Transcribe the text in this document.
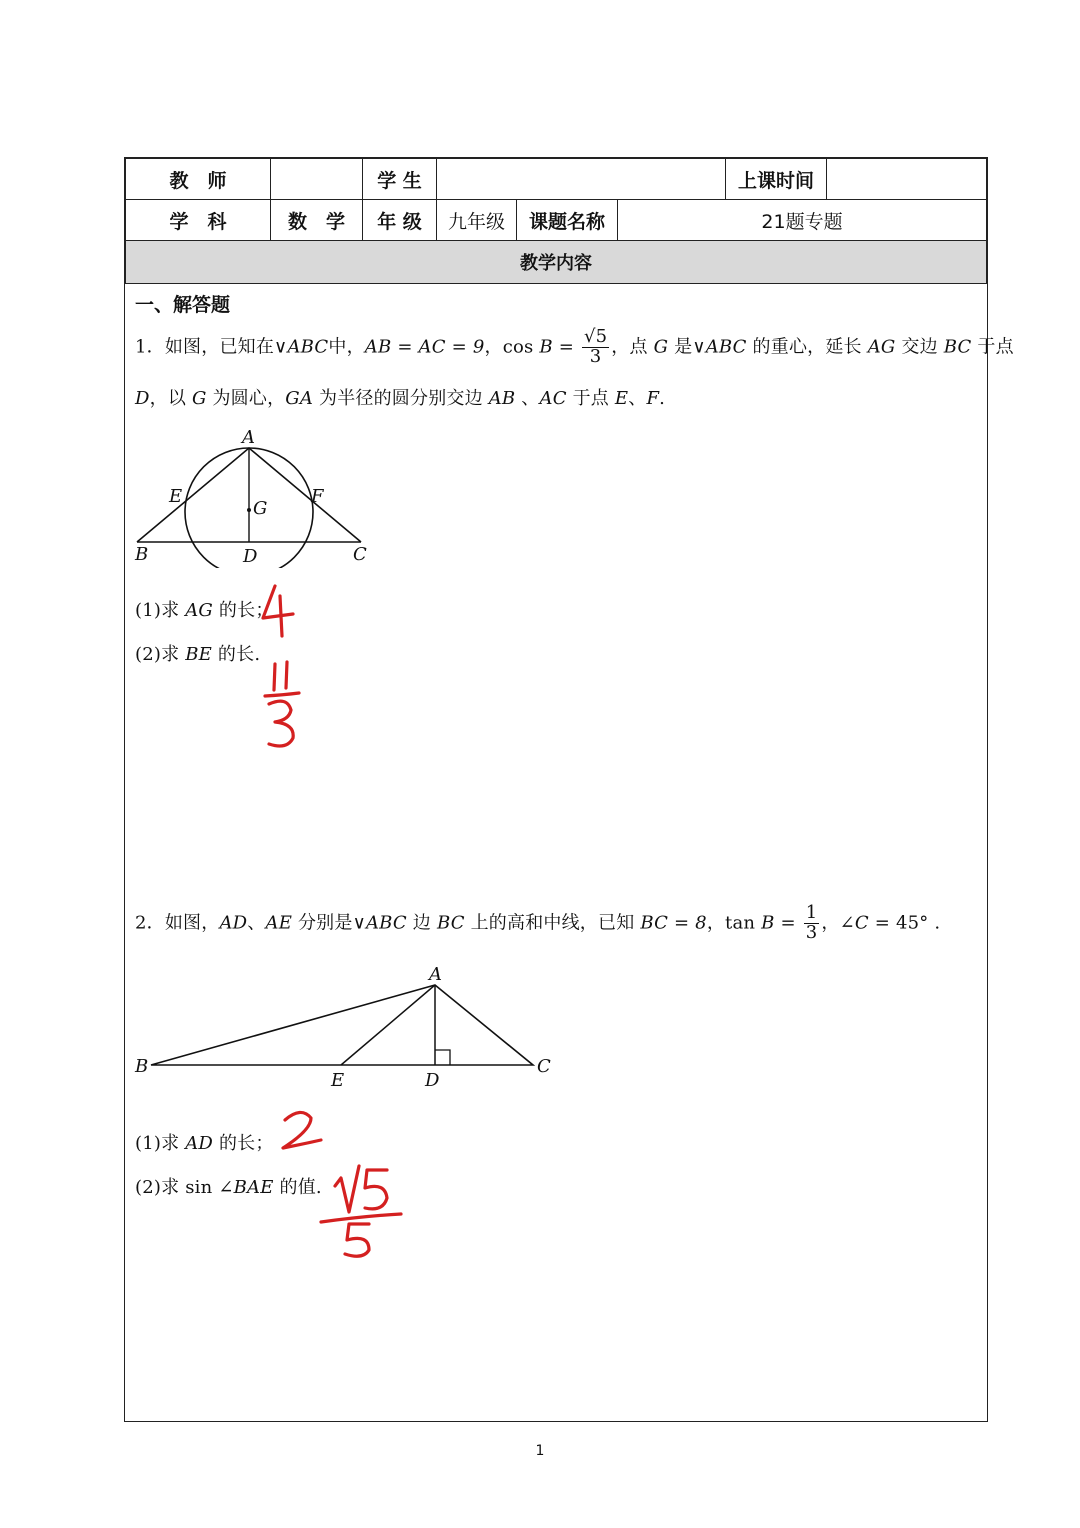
教　师		学 生				上课时间	
学　科	数　学	年 级	九年级	课题名称	21题专题		
教学内容							
一、解答题
1．如图，已知在∨ABC中，AB = AC = 9，$\cos B = \frac{√5}{3}$ ，点 G 是∨ABC 的重心，延长 AG 交边 BC 于点
D，以 G 为圆心，GA 为半径的圆分别交边 AB 、AC 于点 E、F.
A
E	F
G
B	D	C
(1)求 AG 的长；
(2)求 BE 的长.
2．如图，AD、AE 分别是∨ABC 边 BC 上的高和中线，已知 BC = 8，$\tan B = \frac{1}{3}$ ，∠C = 45° .
A
B
E	D
C
(1)求 AD 的长；
(2)求 sin ∠BAE 的值.
1
